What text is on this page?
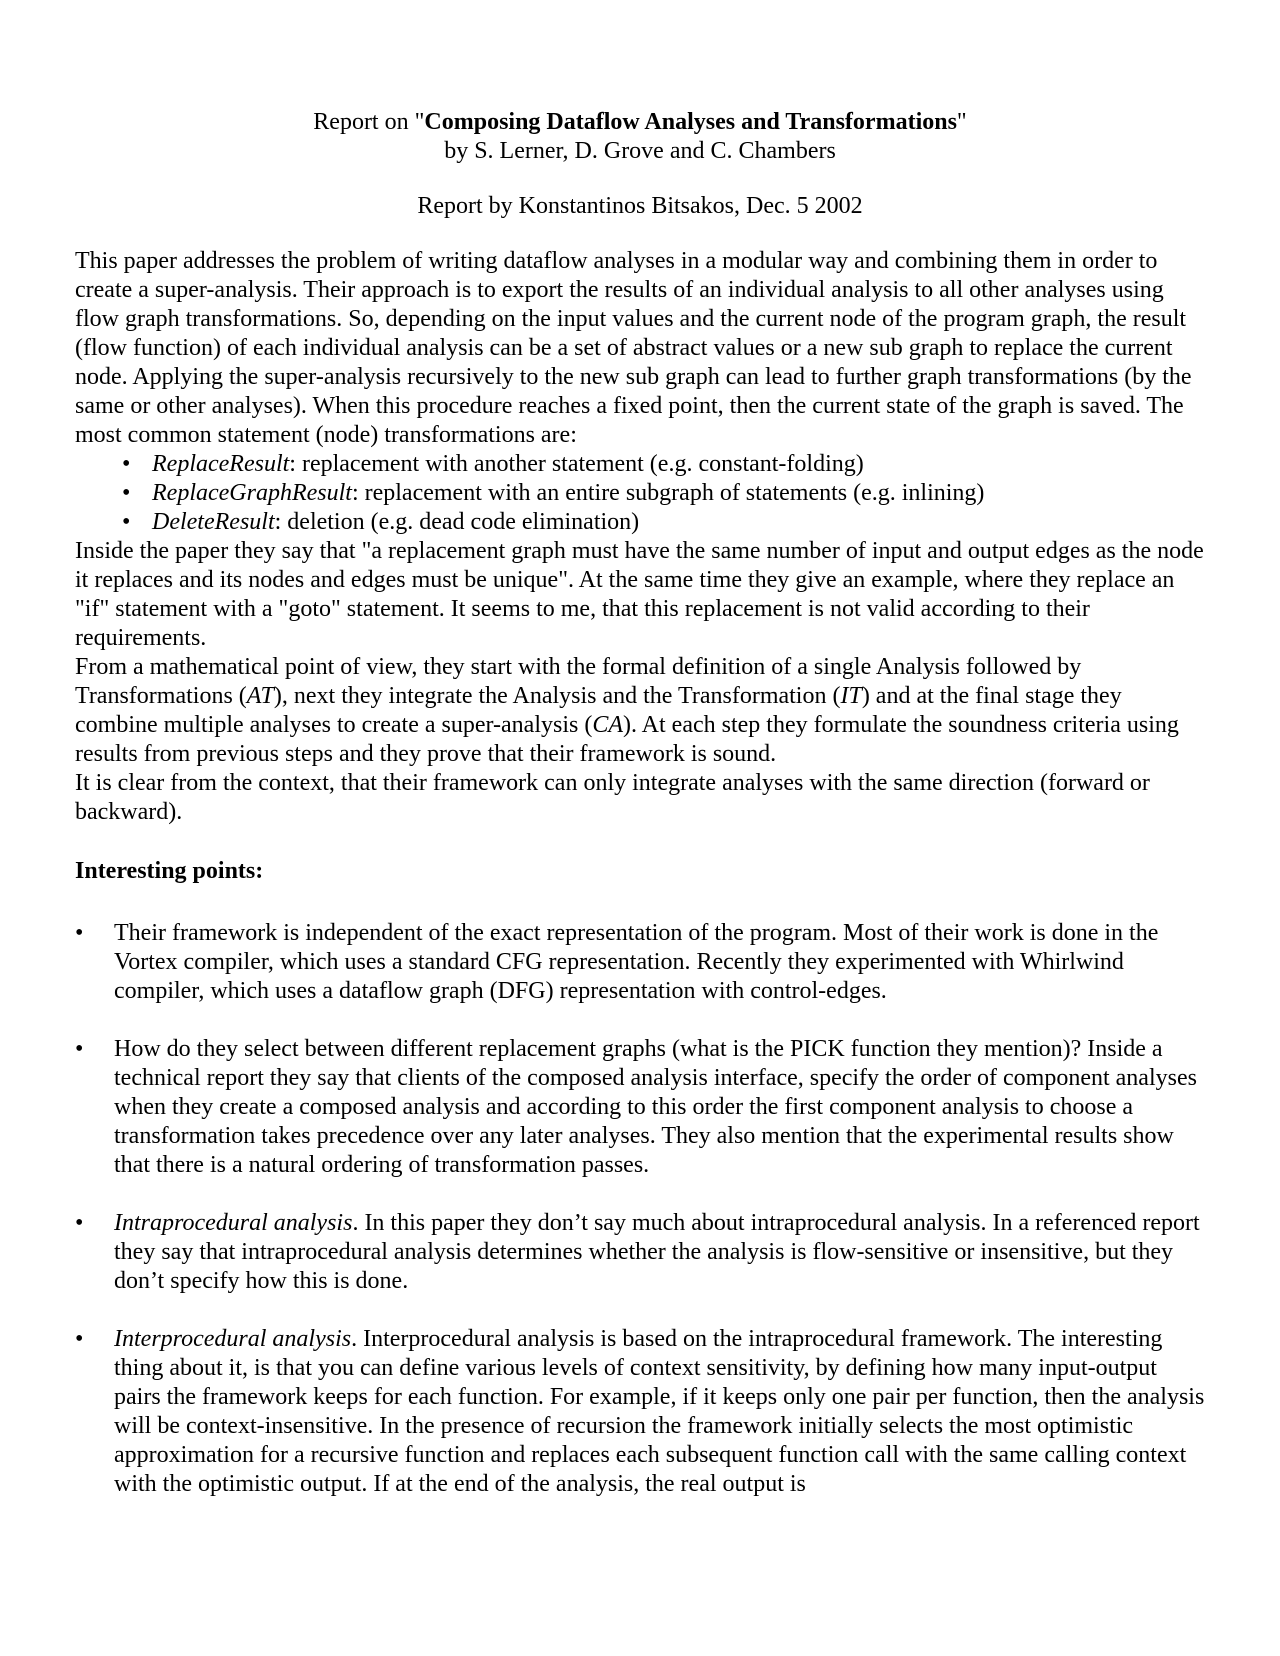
Report on "Composing Dataflow Analyses and Transformations"

by S. Lerner, D. Grove and C. Chambers

Report by Konstantinos Bitsakos, Dec. 5 2002

This paper addresses the problem of writing dataflow analyses in a modular way and combining them in order to create a super-analysis. Their approach is to export the results of an individual analysis to all other analyses using flow graph transformations. So, depending on the input values and the current node of the program graph, the result (flow function) of each individual analysis can be a set of abstract values or a new sub graph to replace the current node. Applying the super-analysis recursively to the new sub graph can lead to further graph transformations (by the same or other analyses). When this procedure reaches a fixed point, then the current state of the graph is saved. The most common statement (node) transformations are:

• ReplaceResult: replacement with another statement (e.g. constant-folding)
• ReplaceGraphResult: replacement with an entire subgraph of statements (e.g. inlining)
• DeleteResult: deletion (e.g. dead code elimination)

Inside the paper they say that "a replacement graph must have the same number of input and output edges as the node it replaces and its nodes and edges must be unique". At the same time they give an example, where they replace an "if" statement with a "goto" statement. It seems to me, that this replacement is not valid according to their requirements.

From a mathematical point of view, they start with the formal definition of a single Analysis followed by Transformations (AT), next they integrate the Analysis and the Transformation (IT) and at the final stage they combine multiple analyses to create a super-analysis (CA). At each step they formulate the soundness criteria using results from previous steps and they prove that their framework is sound.

It is clear from the context, that their framework can only integrate analyses with the same direction (forward or backward).

Interesting points:

• Their framework is independent of the exact representation of the program. Most of their work is done in the Vortex compiler, which uses a standard CFG representation. Recently they experimented with Whirlwind compiler, which uses a dataflow graph (DFG) representation with control-edges.
• How do they select between different replacement graphs (what is the PICK function they mention)? Inside a technical report they say that clients of the composed analysis interface, specify the order of component analyses when they create a composed analysis and according to this order the first component analysis to choose a transformation takes precedence over any later analyses. They also mention that the experimental results show that there is a natural ordering of transformation passes.
• Intraprocedural analysis. In this paper they don’t say much about intraprocedural analysis. In a referenced report they say that intraprocedural analysis determines whether the analysis is flow-sensitive or insensitive, but they don’t specify how this is done.
• Interprocedural analysis. Interprocedural analysis is based on the intraprocedural framework. The interesting thing about it, is that you can define various levels of context sensitivity, by defining how many input-output pairs the framework keeps for each function. For example, if it keeps only one pair per function, then the analysis will be context-insensitive. In the presence of recursion the framework initially selects the most optimistic approximation for a recursive function and replaces each subsequent function call with the same calling context with the optimistic output. If at the end of the analysis, the real output is
